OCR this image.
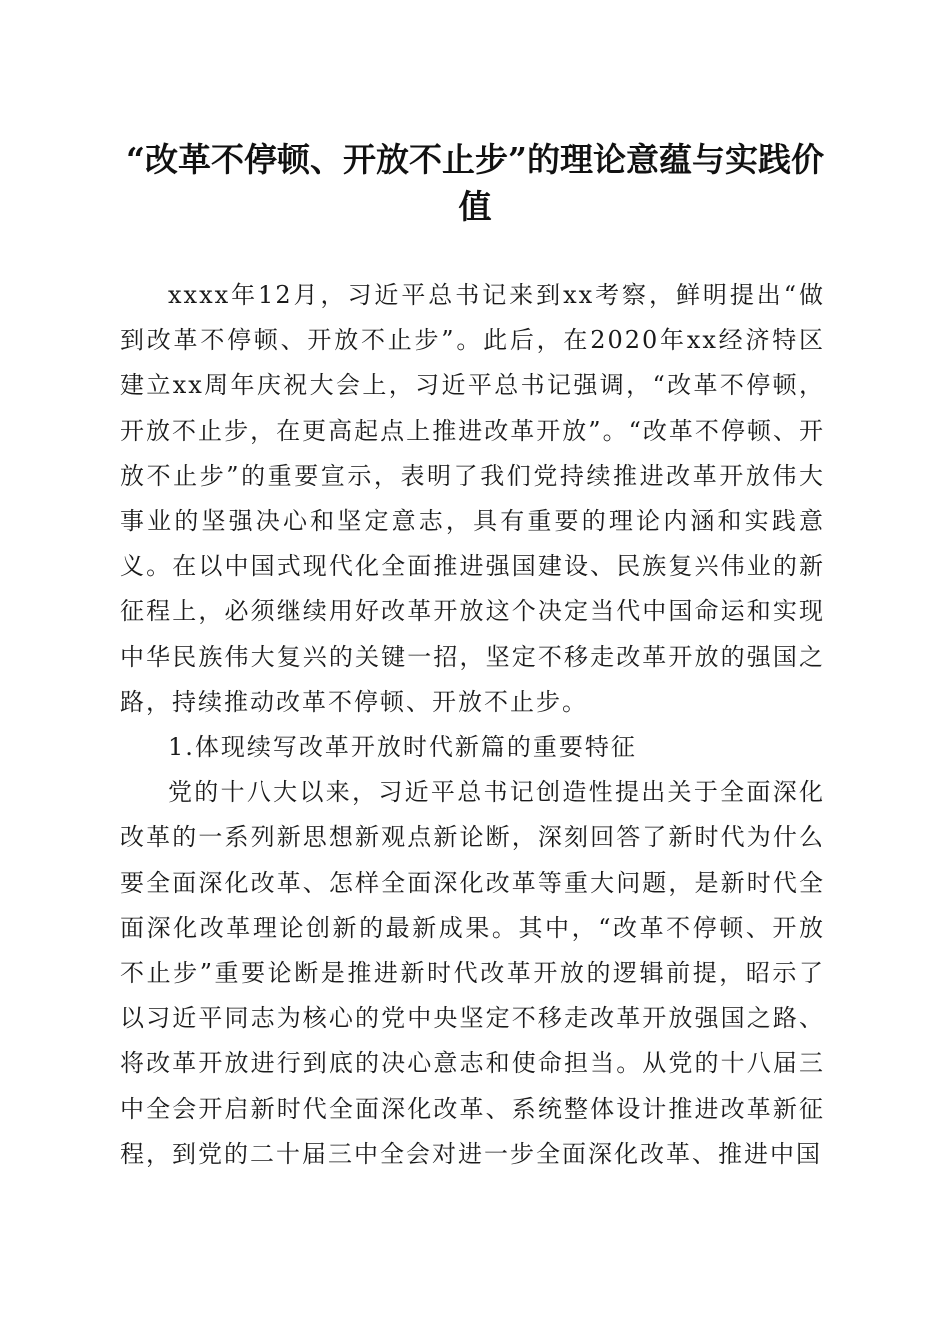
“改革不停顿、开放不止步”的理论意蕴与实践价值

xxxx年12月，习近平总书记来到xx考察，鲜明提出“做到改革不停顿、开放不止步”。此后，在2020年xx经济特区建立xx周年庆祝大会上，习近平总书记强调，“改革不停顿，开放不止步，在更高起点上推进改革开放”。“改革不停顿、开放不止步”的重要宣示，表明了我们党持续推进改革开放伟大事业的坚强决心和坚定意志，具有重要的理论内涵和实践意义。在以中国式现代化全面推进强国建设、民族复兴伟业的新征程上，必须继续用好改革开放这个决定当代中国命运和实现中华民族伟大复兴的关键一招，坚定不移走改革开放的强国之路，持续推动改革不停顿、开放不止步。

1.体现续写改革开放时代新篇的重要特征

党的十八大以来，习近平总书记创造性提出关于全面深化改革的一系列新思想新观点新论断，深刻回答了新时代为什么要全面深化改革、怎样全面深化改革等重大问题，是新时代全面深化改革理论创新的最新成果。其中，“改革不停顿、开放不止步”重要论断是推进新时代改革开放的逻辑前提，昭示了以习近平同志为核心的党中央坚定不移走改革开放强国之路、将改革开放进行到底的决心意志和使命担当。从党的十八届三中全会开启新时代全面深化改革、系统整体设计推进改革新征程，到党的二十届三中全会对进一步全面深化改革、推进中国
